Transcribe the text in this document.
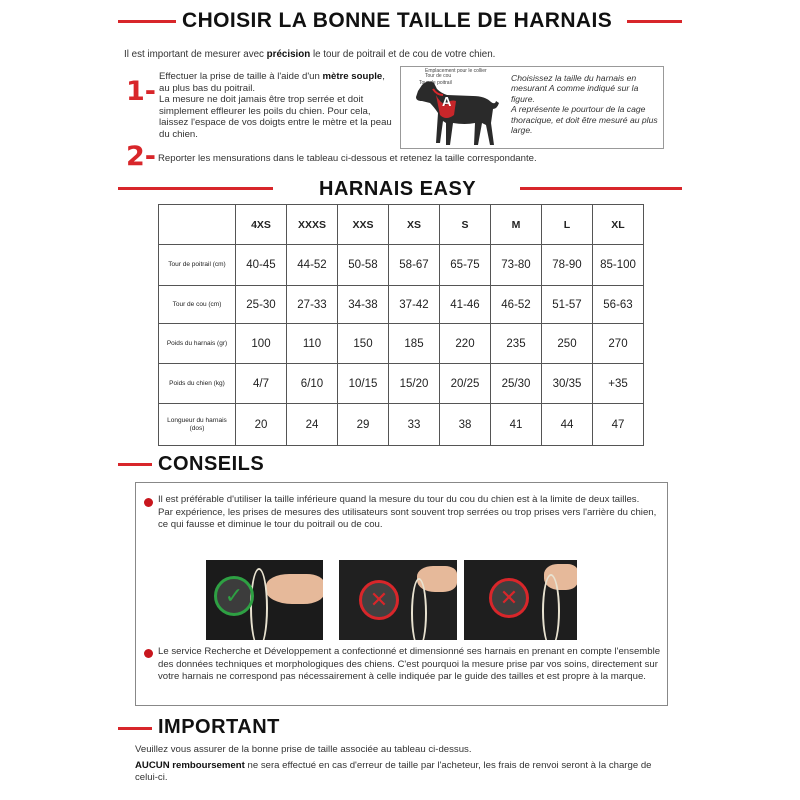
CHOISIR LA BONNE TAILLE DE HARNAIS
Il est important de mesurer avec précision le tour de poitrail et de cou de votre chien.
1- Effectuer la prise de taille à l'aide d'un mètre souple, au plus bas du poitrail.
La mesure ne doit jamais être trop serrée et doit simplement effleurer les poils du chien. Pour cela, laissez l'espace de vos doigts entre le mètre et la peau du chien.
Emplacement pour le collier
Tour de cou
Tour de poitrail
A
Choisissez la taille du harnais en mesurant A comme indiqué sur la figure.
A représente le pourtour de la cage thoracique, et doit être mesuré au plus large.
2- Reporter les mensurations dans le tableau ci-dessous et retenez la taille correspondante.
HARNAIS EASY
	4XS	XXXS	XXS	XS	S	M	L	XL
Tour de poitrail (cm)	40-45	44-52	50-58	58-67	65-75	73-80	78-90	85-100
Tour de cou (cm)	25-30	27-33	34-38	37-42	41-46	46-52	51-57	56-63
Poids du harnais (gr)	100	110	150	185	220	235	250	270
Poids du chien (kg)	4/7	6/10	10/15	15/20	20/25	25/30	30/35	+35
Longueur du harnais (dos)	20	24	29	33	38	41	44	47
CONSEILS
Il est préférable d'utiliser la taille inférieure quand la mesure du tour du cou du chien est à la limite de deux tailles.
Par expérience, les prises de mesures des utilisateurs sont souvent trop serrées ou trop prises vers l'arrière du chien, ce qui fausse et diminue le tour du poitrail ou de cou.
✓	✕	✕
Le service Recherche et Développement a confectionné et dimensionné ses harnais en prenant en compte l'ensemble des données techniques et morphologiques des chiens. C'est pourquoi la mesure prise par vos soins, directement sur votre harnais ne correspond pas nécessairement à celle indiquée par le guide des tailles et est propre à la marque.
IMPORTANT
Veuillez vous assurer de la bonne prise de taille associée au tableau ci-dessus.
AUCUN remboursement ne sera effectué en cas d'erreur de taille par l'acheteur, les frais de renvoi seront à la charge de celui-ci.
